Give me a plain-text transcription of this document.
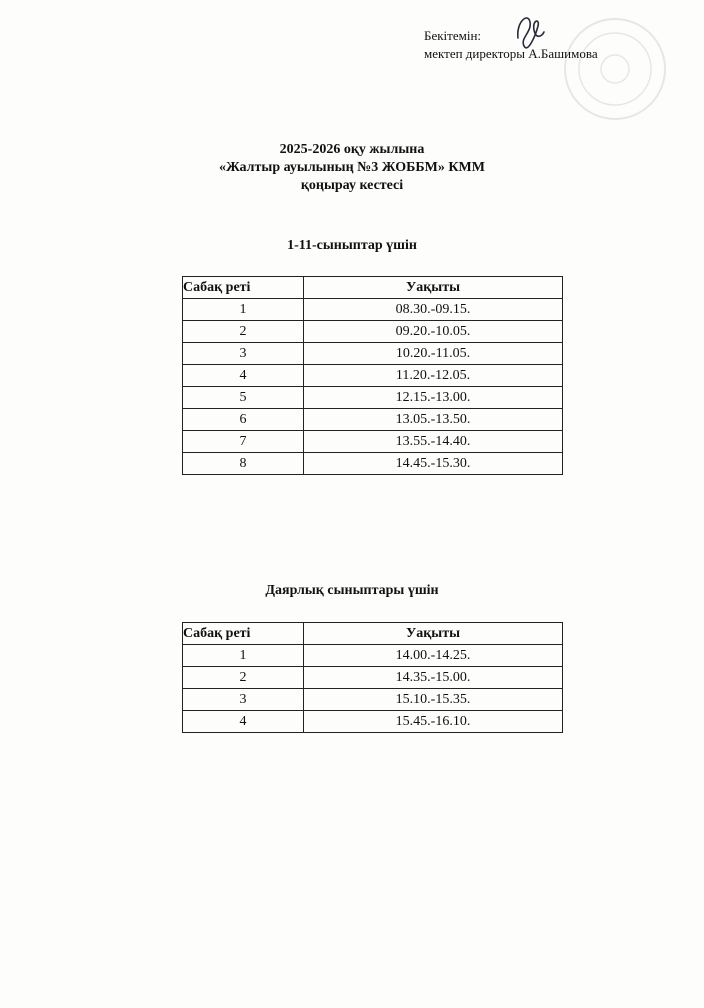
Бекітемін:
мектеп директоры А.Башимова
2025-2026 оқу жылына
«Жалтыр ауылының №3 ЖОББМ» КММ
қоңырау кестесі
1-11-сыныптар үшін
Сабақ реті	Уақыты
1	08.30.-09.15.
2	09.20.-10.05.
3	10.20.-11.05.
4	11.20.-12.05.
5	12.15.-13.00.
6	13.05.-13.50.
7	13.55.-14.40.
8	14.45.-15.30.
Даярлық сыныптары үшін
Сабақ реті	Уақыты
1	14.00.-14.25.
2	14.35.-15.00.
3	15.10.-15.35.
4	15.45.-16.10.
